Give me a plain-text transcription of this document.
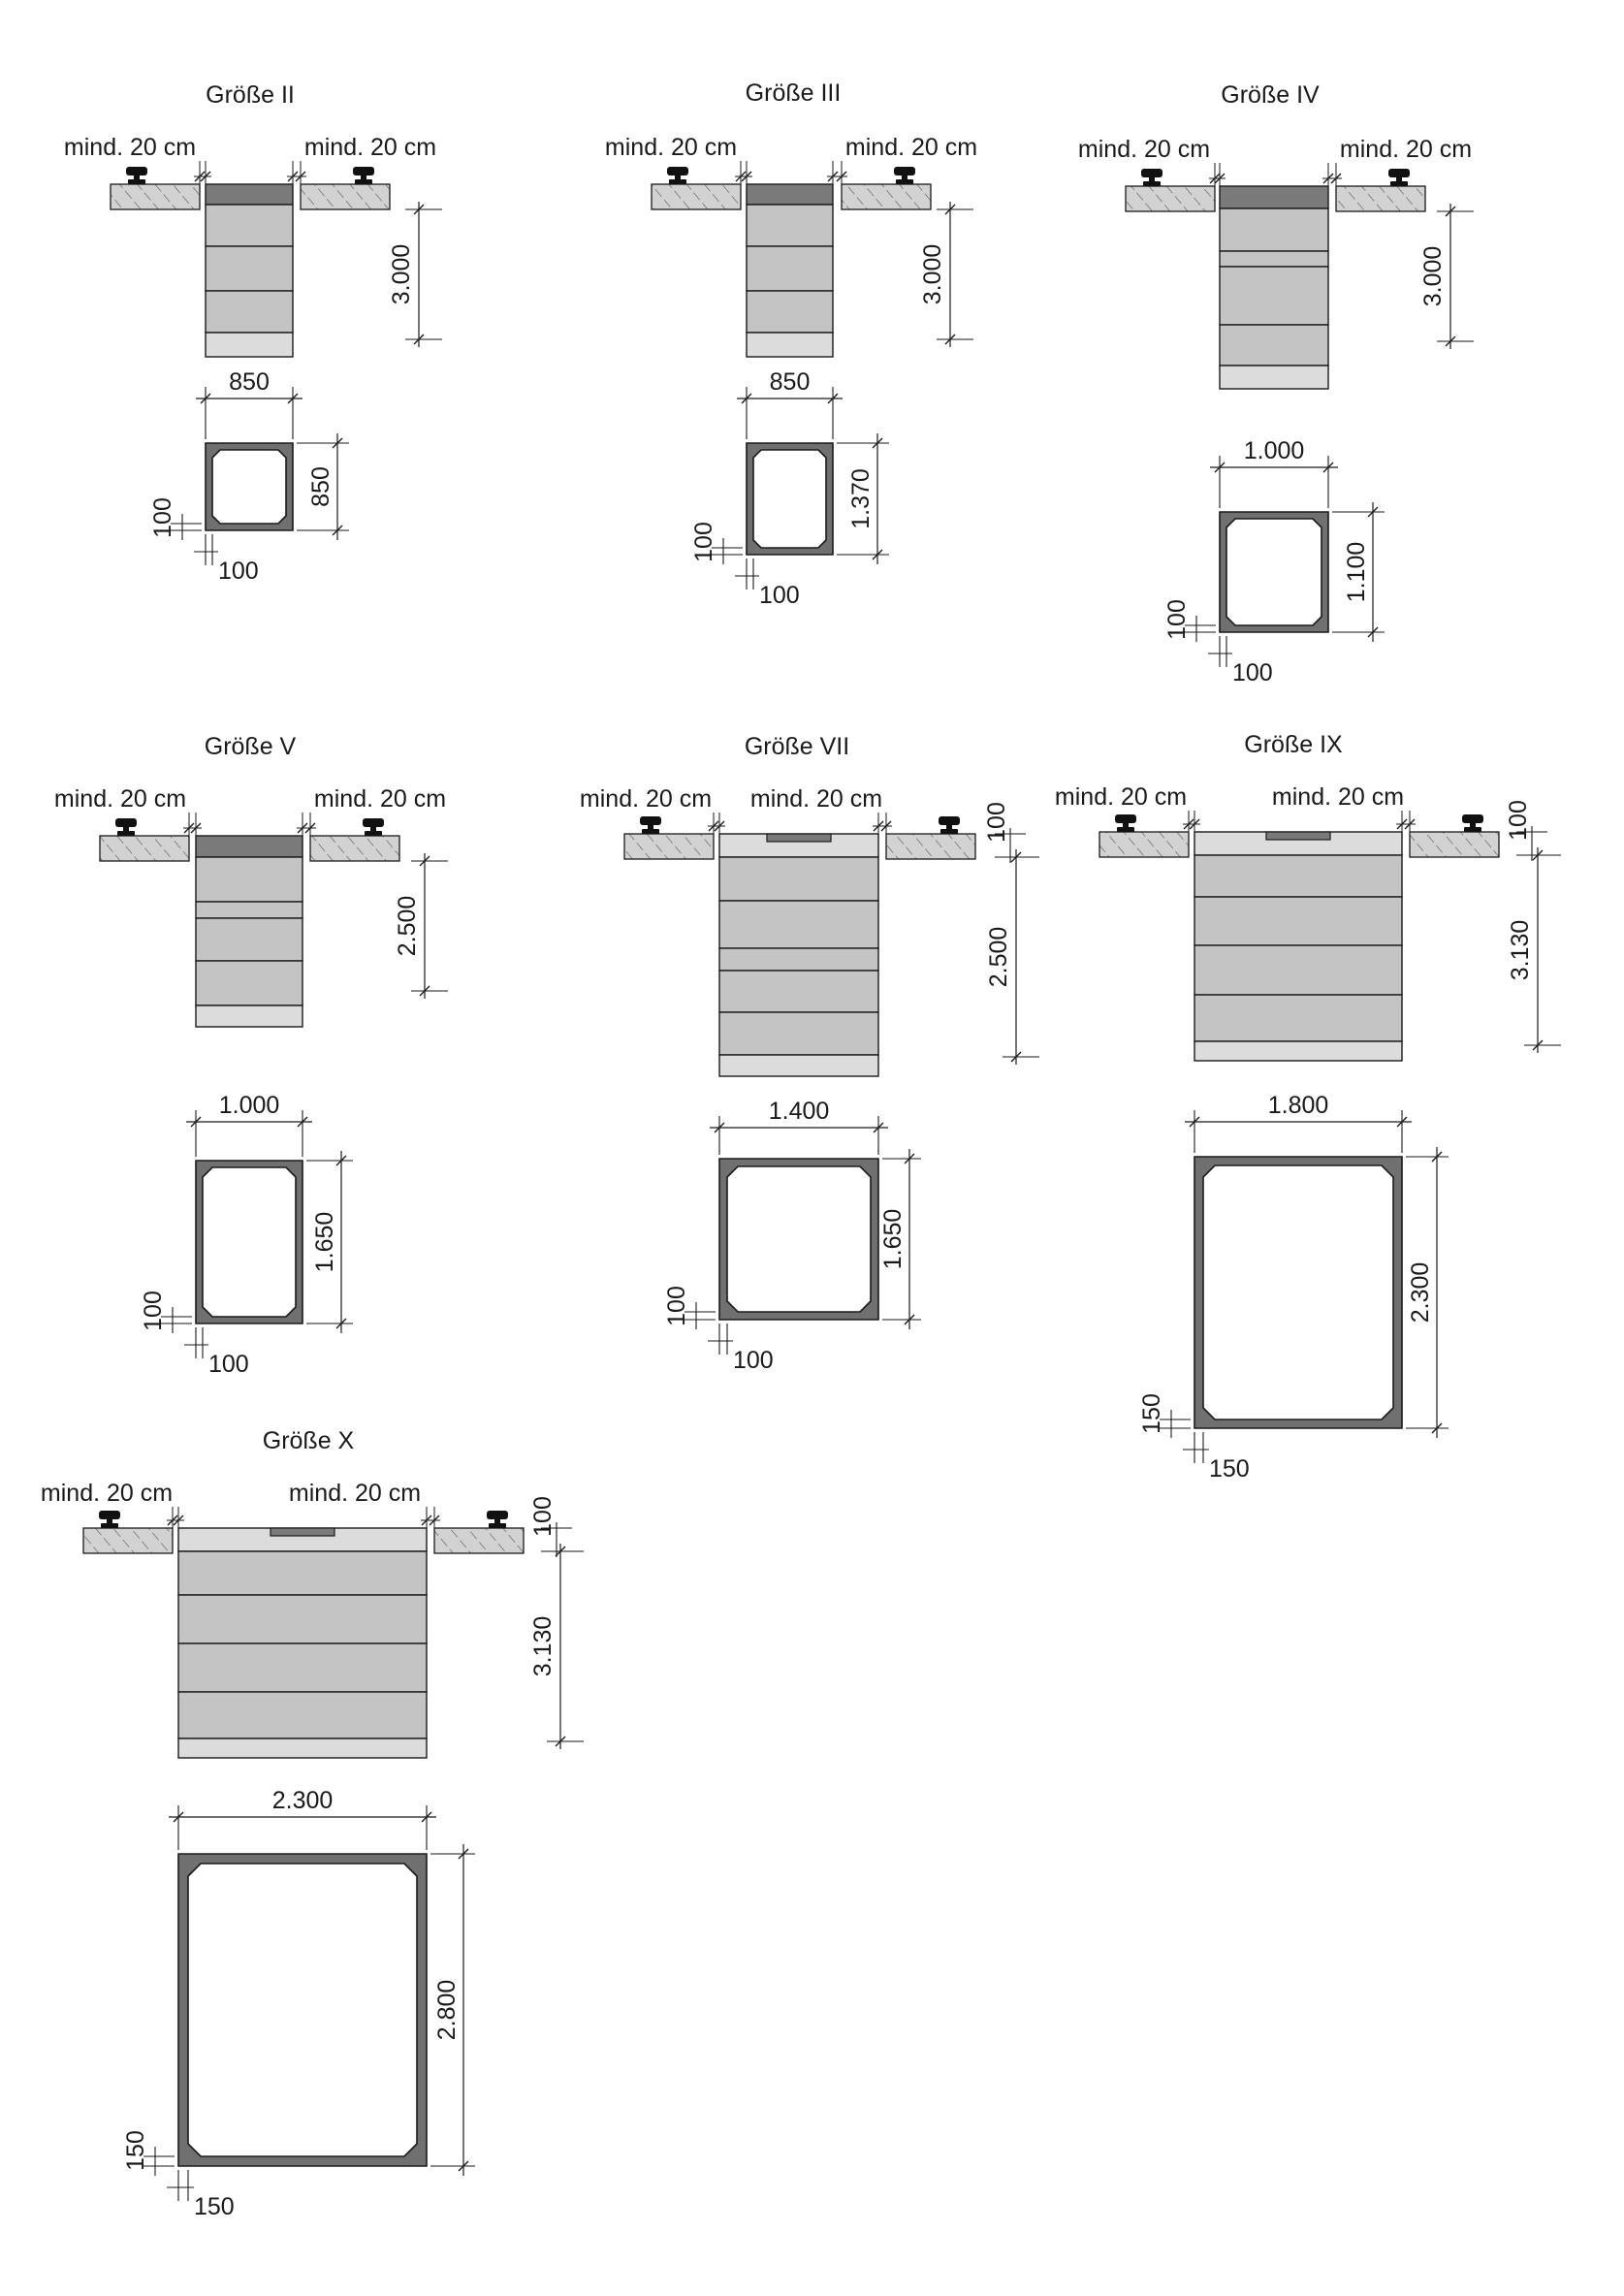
Größe II
mind. 20 cm	mind. 20 cm
3.000
850
850
100
100
Größe III
mind. 20 cm	mind. 20 cm
3.000
850
1.370
100
100
Größe IV
mind. 20 cm	mind. 20 cm
3.000
1.000
1.100
100
100
Größe V
mind. 20 cm	mind. 20 cm
2.500
1.000
1.650
100
100
Größe VII
mind. 20 cm mind. 20 cm
100
2.500
1.400
1.650
100
100
Größe IX
mind. 20 cm	mind. 20 cm
100
3.130
1.800
2.300
150
150
Größe X
mind. 20 cm	mind. 20 cm
100
3.130
2.300
2.800
150
150
